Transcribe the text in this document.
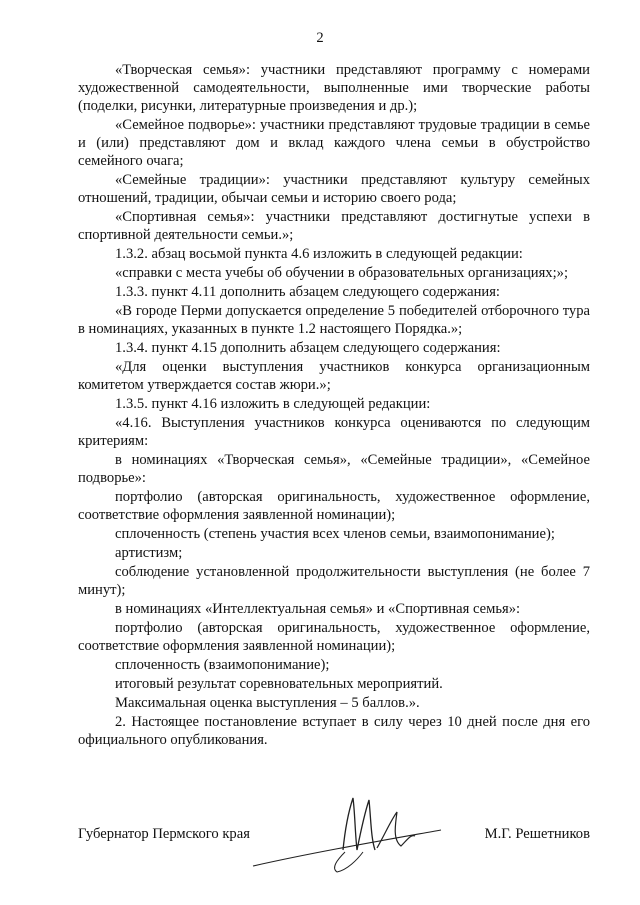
2

«Творческая семья»: участники представляют программу с номерами художественной самодеятельности, выполненные ими творческие работы (поделки, рисунки, литературные произведения и др.);

«Семейное подворье»: участники представляют трудовые традиции в семье и (или) представляют дом и вклад каждого члена семьи в обустройство семейного очага;

«Семейные традиции»: участники представляют культуру семейных отношений, традиции, обычаи семьи и историю своего рода;

«Спортивная семья»: участники представляют достигнутые успехи в спортивной деятельности семьи.»;

1.3.2. абзац восьмой пункта 4.6 изложить в следующей редакции:

«справки с места учебы об обучении в образовательных организациях;»;

1.3.3. пункт 4.11 дополнить абзацем следующего содержания:

«В городе Перми допускается определение 5 победителей отборочного тура в номинациях, указанных в пункте 1.2 настоящего Порядка.»;

1.3.4. пункт 4.15 дополнить абзацем следующего содержания:

«Для оценки выступления участников конкурса организационным комитетом утверждается состав жюри.»;

1.3.5. пункт 4.16 изложить в следующей редакции:

«4.16. Выступления участников конкурса оцениваются по следующим критериям:

в номинациях «Творческая семья», «Семейные традиции», «Семейное подворье»:

портфолио (авторская оригинальность, художественное оформление, соответствие оформления заявленной номинации);

сплоченность (степень участия всех членов семьи, взаимопонимание);

артистизм;

соблюдение установленной продолжительности выступления (не более 7 минут);

в номинациях «Интеллектуальная семья» и «Спортивная семья»:

портфолио (авторская оригинальность, художественное оформление, соответствие оформления заявленной номинации);

сплоченность (взаимопонимание);

итоговый результат соревновательных мероприятий.

Максимальная оценка выступления – 5 баллов.».

2. Настоящее постановление вступает в силу через 10 дней после дня его официального опубликования.

Губернатор Пермского края	М.Г. Решетников
